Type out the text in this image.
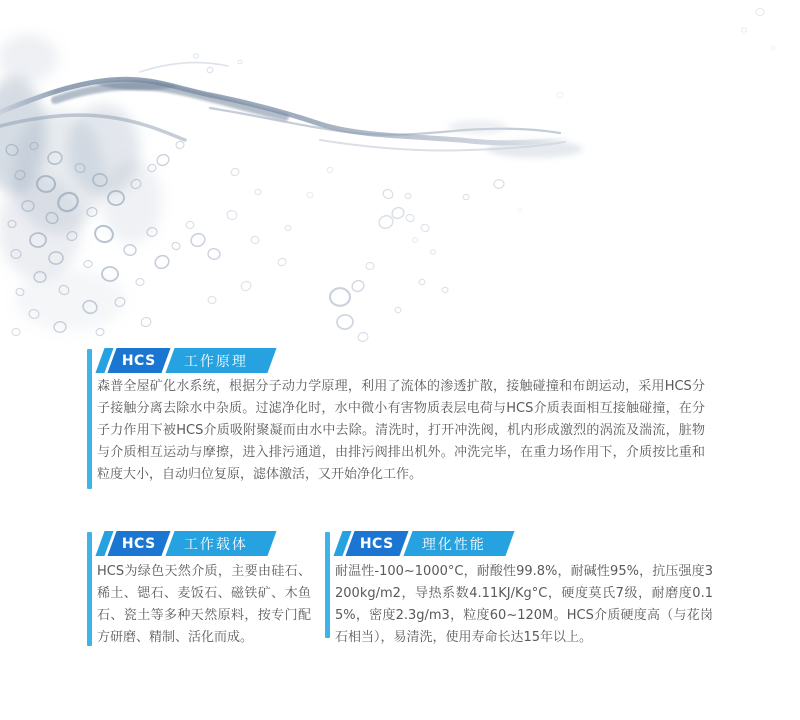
HCS 工作原理

森普全屋矿化水系统，根据分子动力学原理，利用了流体的渗透扩散，接触碰撞和布朗运动，采用HCS分子接触分离去除水中杂质。过滤净化时，水中微小有害物质表层电荷与HCS介质表面相互接触碰撞，在分子力作用下被HCS介质吸附聚凝而由水中去除。清洗时，打开冲洗阀，机内形成激烈的涡流及湍流，脏物与介质相互运动与摩擦，进入排污通道，由排污阀排出机外。冲洗完毕，在重力场作用下，介质按比重和粒度大小，自动归位复原，滤体激活，又开始净化工作。

HCS 工作载体

HCS为绿色天然介质，主要由硅石、稀土、锶石、麦饭石、磁铁矿、木鱼石、瓷土等多种天然原料，按专门配方研磨、精制、活化而成。

HCS 理化性能

耐温性-100~1000°C，耐酸性99.8%，耐碱性95%，抗压强度3200kg/m2，导热系数4.11KJ/Kg°C，硬度莫氏7级，耐磨度0.15%，密度2.3g/m3，粒度60~120M。HCS介质硬度高（与花岗石相当），易清洗，使用寿命长达15年以上。
